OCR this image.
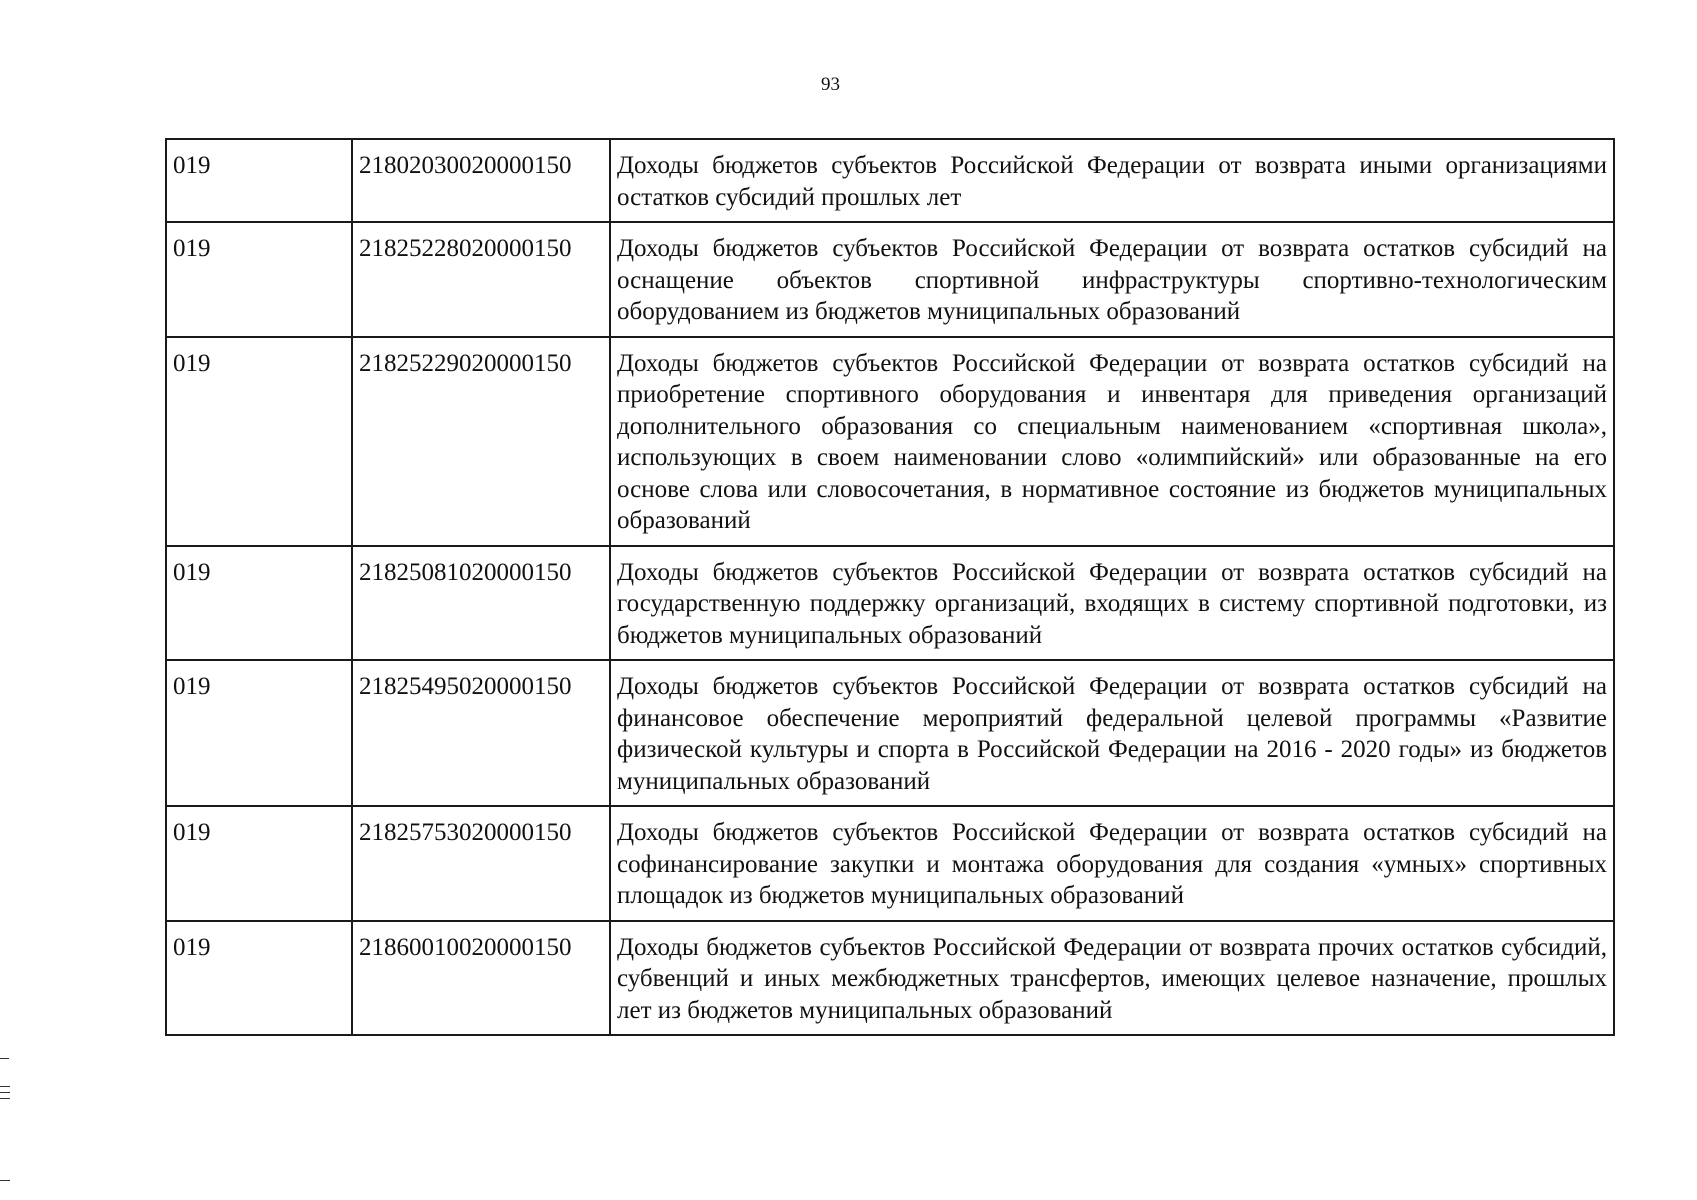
93
019	21802030020000150	Доходы бюджетов субъектов Российской Федерации от возврата иными организациями остатков субсидий прошлых лет
019	21825228020000150	Доходы бюджетов субъектов Российской Федерации от возврата остатков субсидий на оснащение объектов спортивной инфраструктуры спортивно-технологическим оборудованием из бюджетов муниципальных образований
019	21825229020000150	Доходы бюджетов субъектов Российской Федерации от возврата остатков субсидий на приобретение спортивного оборудования и инвентаря для приведения организаций дополнительного образования со специальным наименованием «спортивная школа», использующих в своем наименовании слово «олимпийский» или образованные на его основе слова или словосочетания, в нормативное состояние из бюджетов муниципальных образований
019	21825081020000150	Доходы бюджетов субъектов Российской Федерации от возврата остатков субсидий на государственную поддержку организаций, входящих в систему спортивной подготовки, из бюджетов муниципальных образований
019	21825495020000150	Доходы бюджетов субъектов Российской Федерации от возврата остатков субсидий на финансовое обеспечение мероприятий федеральной целевой программы «Развитие физической культуры и спорта в Российской Федерации на 2016 - 2020 годы» из бюджетов муниципальных образований
019	21825753020000150	Доходы бюджетов субъектов Российской Федерации от возврата остатков субсидий на софинансирование закупки и монтажа оборудования для создания «умных» спортивных площадок из бюджетов муниципальных образований
019	21860010020000150	Доходы бюджетов субъектов Российской Федерации от возврата прочих остатков субсидий, субвенций и иных межбюджетных трансфертов, имеющих целевое назначение, прошлых лет из бюджетов муниципальных образований
